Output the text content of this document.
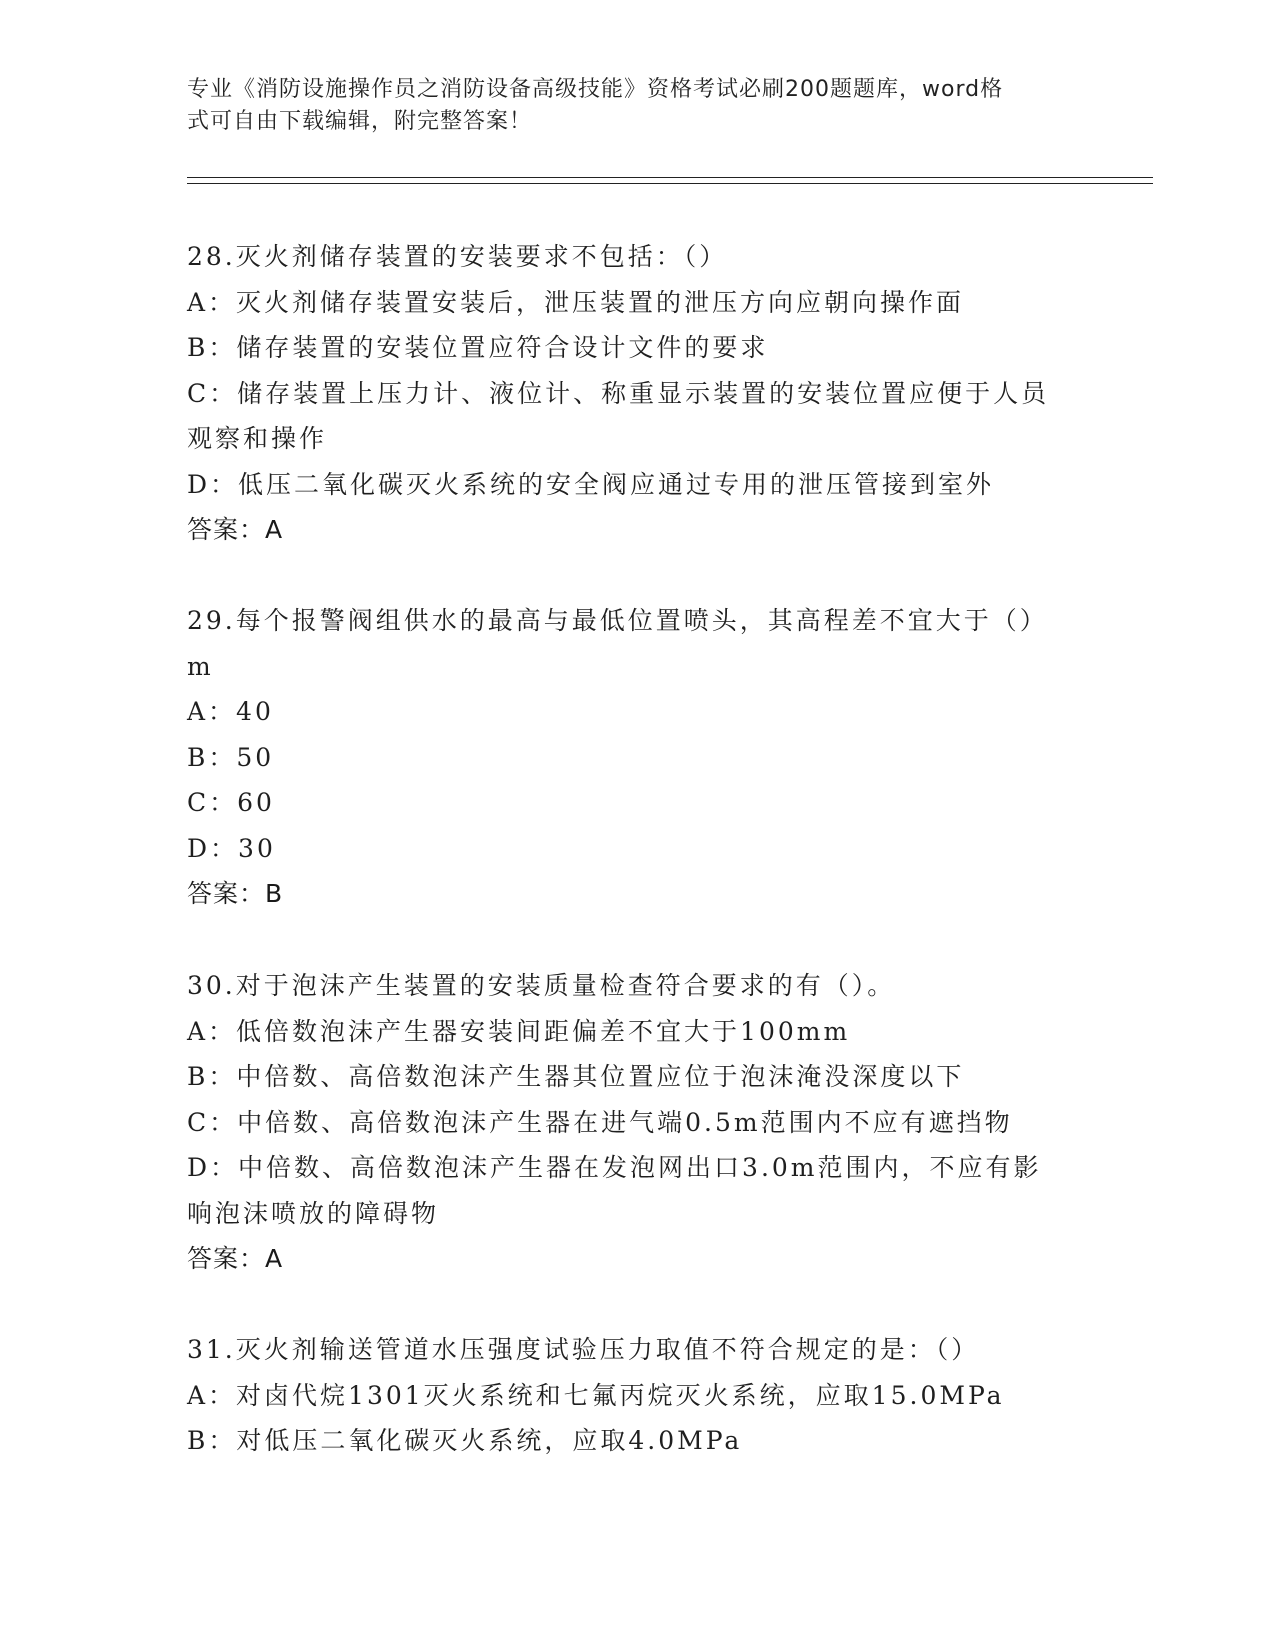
专业《消防设施操作员之消防设备高级技能》资格考试必刷200题题库，word格
式可自由下载编辑，附完整答案！

28.灭火剂储存装置的安装要求不包括：（）

A：灭火剂储存装置安装后，泄压装置的泄压方向应朝向操作面

B：储存装置的安装位置应符合设计文件的要求

C：储存装置上压力计、液位计、称重显示装置的安装位置应便于人员

观察和操作

D：低压二氧化碳灭火系统的安全阀应通过专用的泄压管接到室外

答案：A

29.每个报警阀组供水的最高与最低位置喷头，其高程差不宜大于（）

m

A：40

B：50

C：60

D：30

答案：B

30.对于泡沫产生装置的安装质量检查符合要求的有（）。

A：低倍数泡沫产生器安装间距偏差不宜大于100mm

B：中倍数、高倍数泡沫产生器其位置应位于泡沫淹没深度以下

C：中倍数、高倍数泡沫产生器在进气端0.5m范围内不应有遮挡物

D：中倍数、高倍数泡沫产生器在发泡网出口3.0m范围内，不应有影

响泡沫喷放的障碍物

答案：A

31.灭火剂输送管道水压强度试验压力取值不符合规定的是：（）

A：对卤代烷1301灭火系统和七氟丙烷灭火系统，应取15.0MPa

B：对低压二氧化碳灭火系统，应取4.0MPa
